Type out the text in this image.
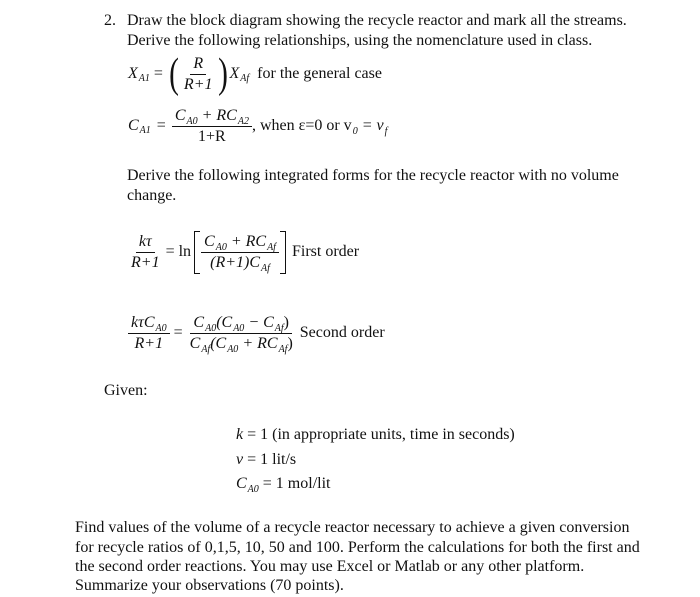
2. Draw the block diagram showing the recycle reactor and mark all the streams.
Derive the following relationships, using the nomenclature used in class.
X A1 = ( $\frac{R}{R+1}$ ) X Af for the general case
C $A1 = \frac{C_{A0} + RC_{A2}}{1+R}$ , when ε=0 or $v_0 = v_f$
Derive the following integrated forms for the recycle reactor with no volume
change.
$\frac{k\tau}{R+1} = \ln \frac{C_{A0} + RC_{Af}}{(R+1)C_{Af}}$ First order
$\frac{k\tau C_{A0}}{R+1} = \frac{C_{A0}(C_{A0} - C_{Af})}{C_{Af}(C_{A0} + RC_{Af})}$ Second order
Given:
k = 1 (in appropriate units, time in seconds)
v = 1 lit/s
$C_{A0} = 1$ mol/lit
Find values of the volume of a recycle reactor necessary to achieve a given conversion
for recycle ratios of 0,1,5, 10, 50 and 100. Perform the calculations for both the first and
the second order reactions. You may use Excel or Matlab or any other platform.
Summarize your observations (70 points).
